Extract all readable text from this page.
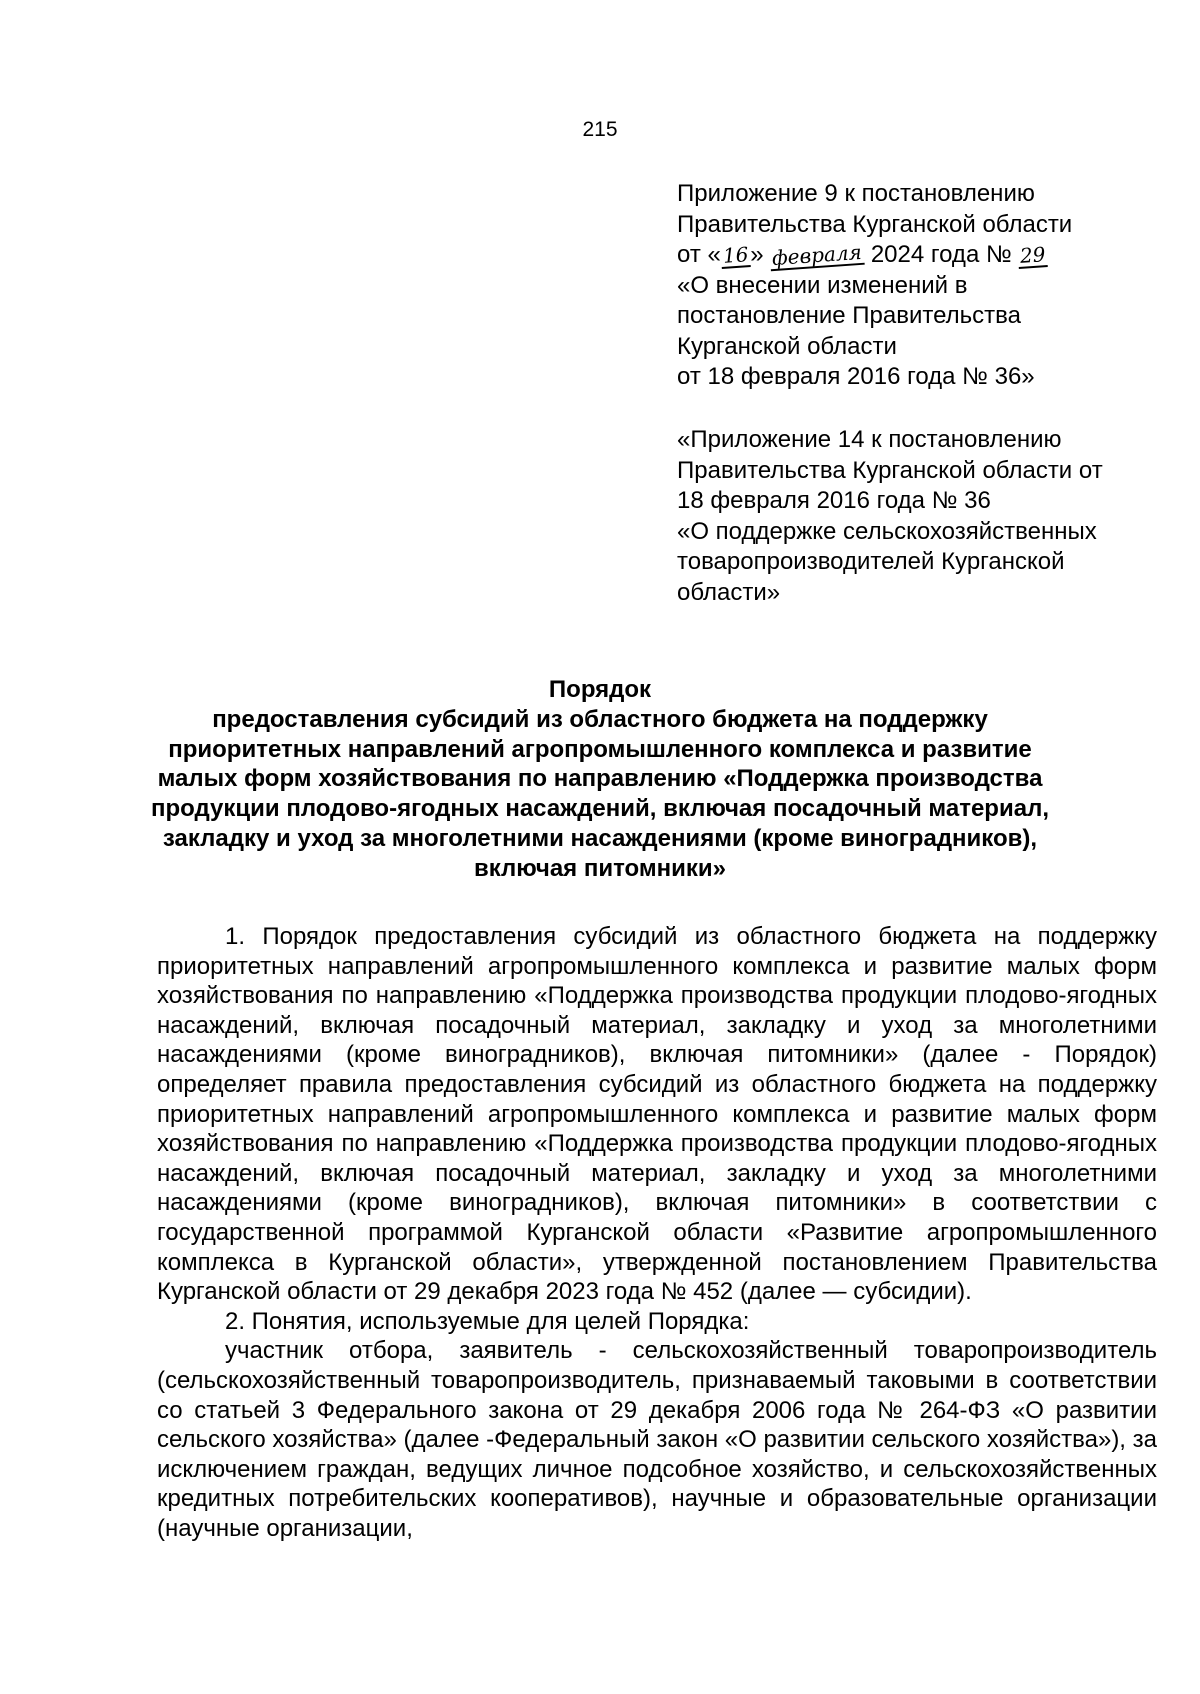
215

Приложение 9 к постановлению

Правительства Курганской области

от «16» февраля 2024 года № 29

«О внесении изменений в

постановление Правительства

Курганской области

от 18 февраля 2016 года № 36»

«Приложение 14 к постановлению

Правительства Курганской области от

18 февраля 2016 года № 36

«О поддержке сельскохозяйственных

товаропроизводителей Курганской

области»

Порядок

предоставления субсидий из областного бюджета на поддержку

приоритетных направлений агропромышленного комплекса и развитие

малых форм хозяйствования по направлению «Поддержка производства

продукции плодово-ягодных насаждений, включая посадочный материал,

закладку и уход за многолетними насаждениями (кроме виноградников),

включая питомники»

1. Порядок предоставления субсидий из областного бюджета на поддержку приоритетных направлений агропромышленного комплекса и развитие малых форм хозяйствования по направлению «Поддержка производства продукции плодово-ягодных насаждений, включая посадочный материал, закладку и уход за многолетними насаждениями (кроме виноградников), включая питомники» (далее - Порядок) определяет правила предоставления субсидий из областного бюджета на поддержку приоритетных направлений агропромышленного комплекса и развитие малых форм хозяйствования по направлению «Поддержка производства продукции плодово-ягодных насаждений, включая посадочный материал, закладку и уход за многолетними насаждениями (кроме виноградников), включая питомники» в соответствии с государственной программой Курганской области «Развитие агропромышленного комплекса в Курганской области», утвержденной постановлением Правительства Курганской области от 29 декабря 2023 года № 452 (далее — субсидии).

2. Понятия, используемые для целей Порядка:

участник отбора, заявитель - сельскохозяйственный товаропроизводитель (сельскохозяйственный товаропроизводитель, признаваемый таковыми в соответствии со статьей 3 Федерального закона от 29 декабря 2006 года № 264-ФЗ «О развитии сельского хозяйства» (далее -Федеральный закон «О развитии сельского хозяйства»), за исключением граждан, ведущих личное подсобное хозяйство, и сельскохозяйственных кредитных потребительских кооперативов), научные и образовательные организации (научные организации,
